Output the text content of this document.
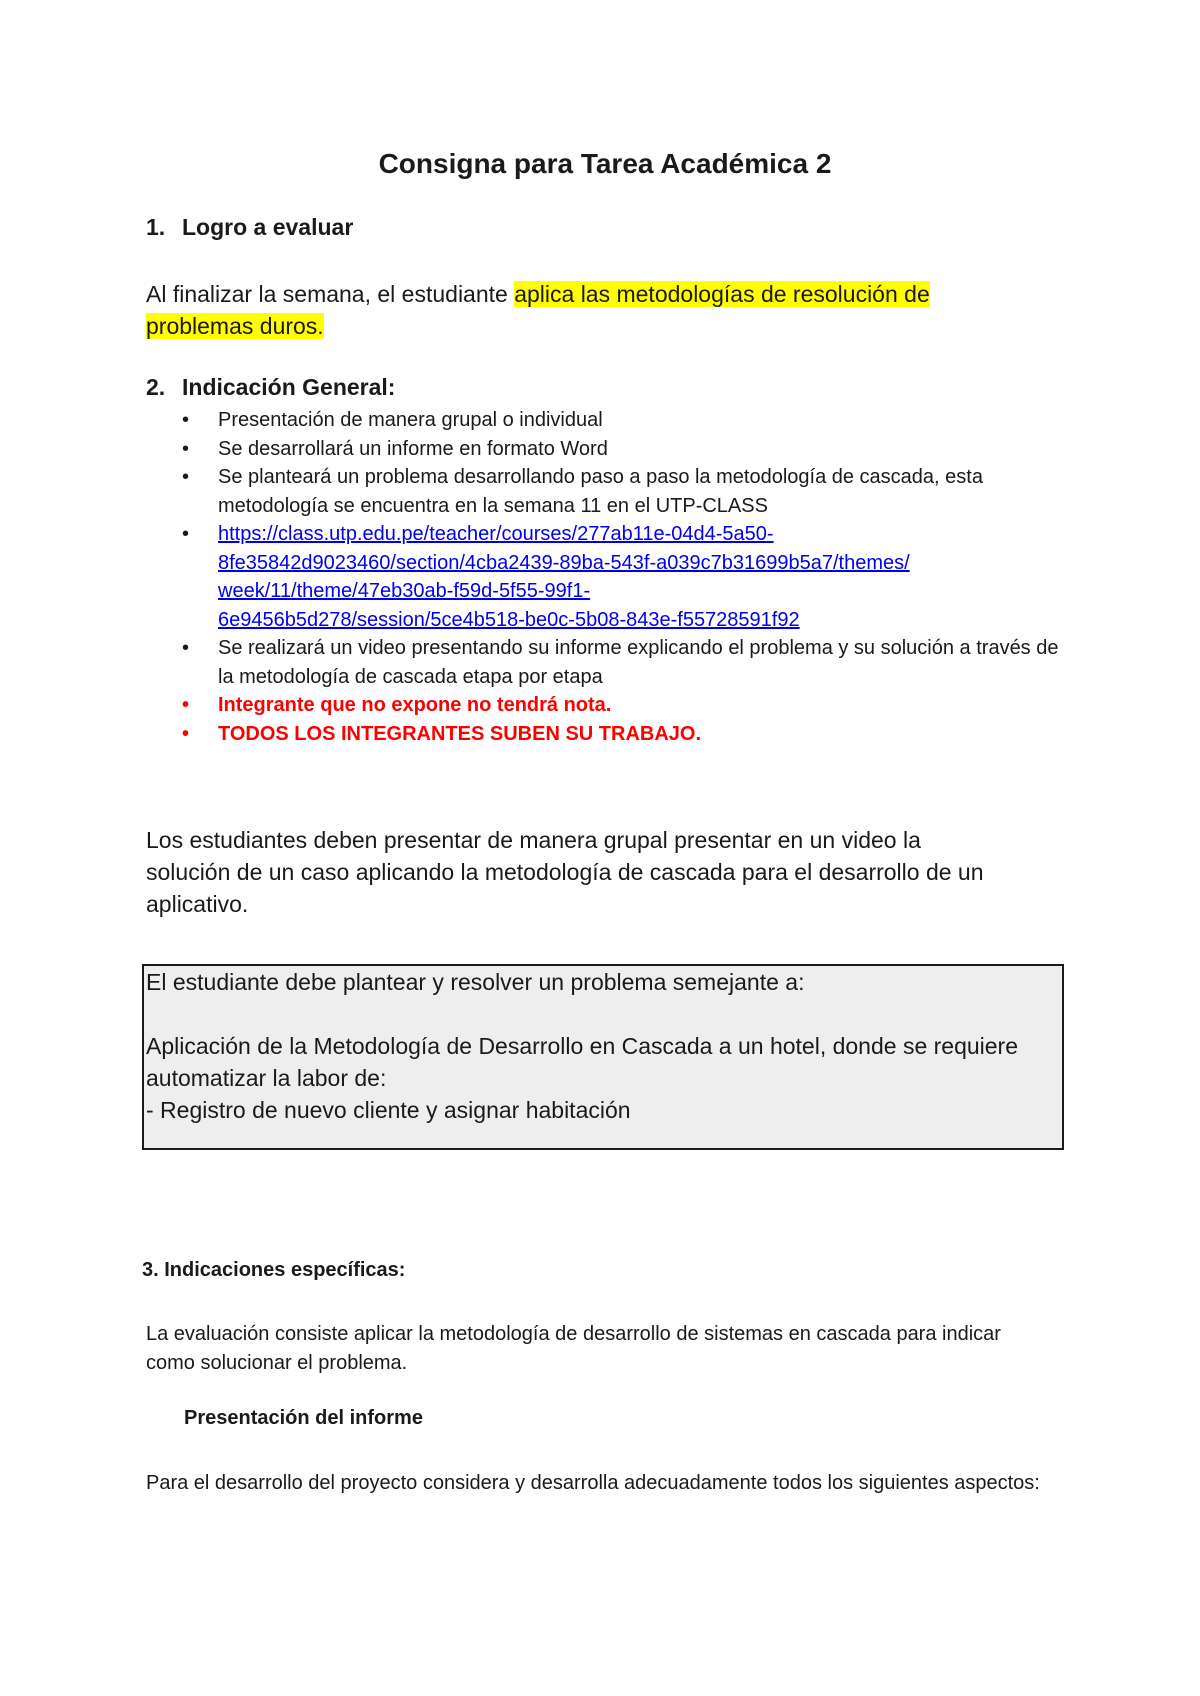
Consigna para Tarea Académica 2
1. Logro a evaluar
Al finalizar la semana, el estudiante aplica las metodologías de resolución de problemas duros.
2. Indicación General:
• Presentación de manera grupal o individual
• Se desarrollará un informe en formato Word
• Se planteará un problema desarrollando paso a paso la metodología de cascada, esta metodología se encuentra en la semana 11 en el UTP-CLASS
• https://class.utp.edu.pe/teacher/courses/277ab11e-04d4-5a50-
8fe35842d9023460/section/4cba2439-89ba-543f-a039c7b31699b5a7/themes/
week/11/theme/47eb30ab-f59d-5f55-99f1-
6e9456b5d278/session/5ce4b518-be0c-5b08-843e-f55728591f92
• Se realizará un video presentando su informe explicando el problema y su solución a través de la metodología de cascada etapa por etapa
• Integrante que no expone no tendrá nota.
• TODOS LOS INTEGRANTES SUBEN SU TRABAJO.
Los estudiantes deben presentar de manera grupal presentar en un video la solución de un caso aplicando la metodología de cascada para el desarrollo de un aplicativo.
El estudiante debe plantear y resolver un problema semejante a:
Aplicación de la Metodología de Desarrollo en Cascada a un hotel, donde se requiere automatizar la labor de:
- Registro de nuevo cliente y asignar habitación
3. Indicaciones específicas:
La evaluación consiste aplicar la metodología de desarrollo de sistemas en cascada para indicar como solucionar el problema.
Presentación del informe
Para el desarrollo del proyecto considera y desarrolla adecuadamente todos los siguientes aspectos:
